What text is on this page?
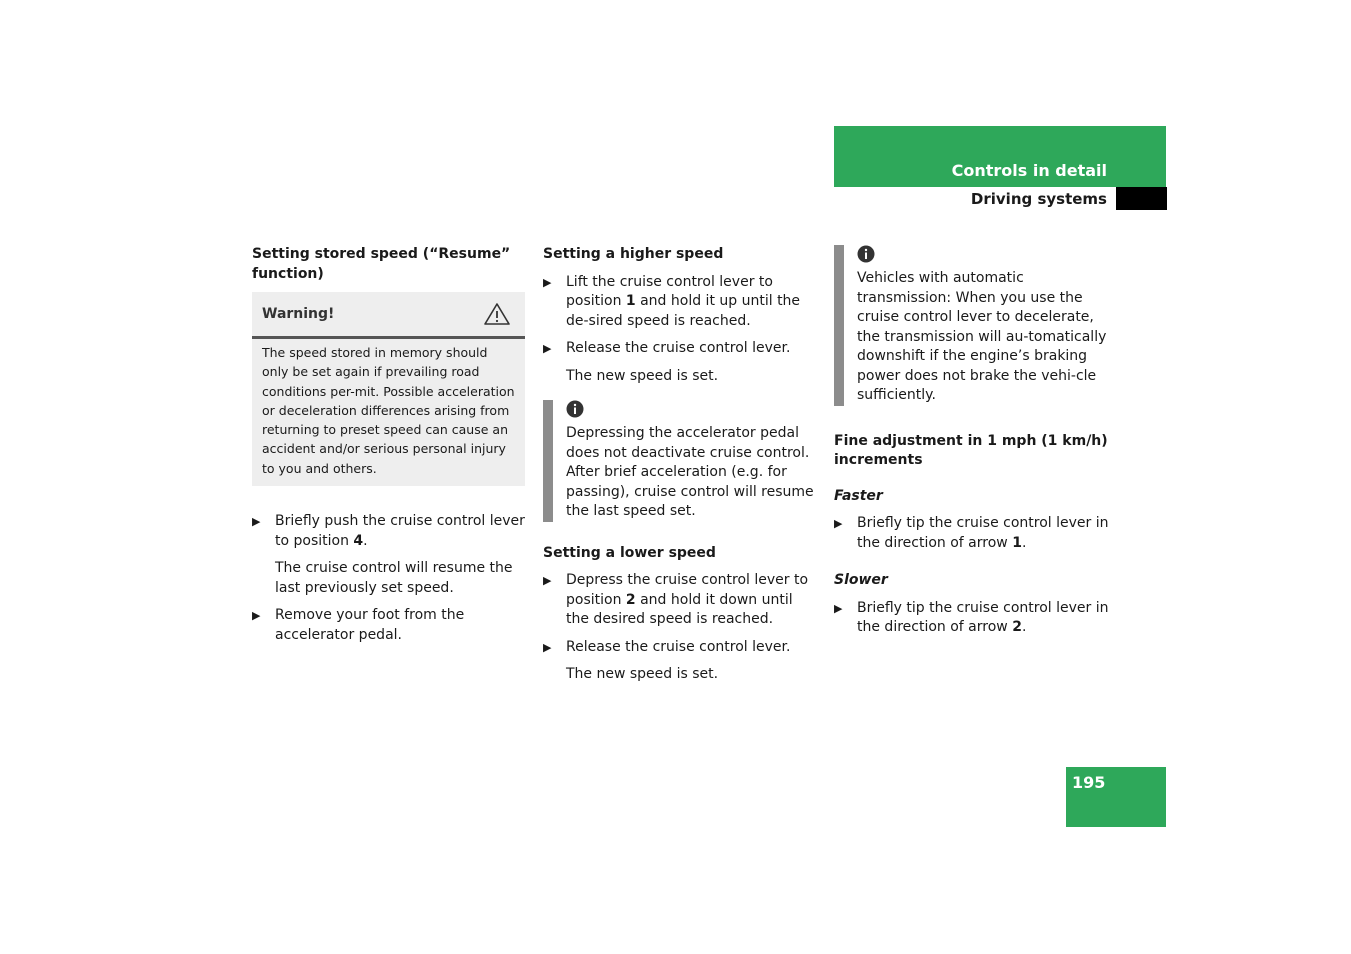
Controls in detail
Driving systems
Setting stored speed (“Resume” function)
Warning!
The speed stored in memory should only be set again if prevailing road conditions per-mit. Possible acceleration or deceleration differences arising from returning to preset speed can cause an accident and/or serious personal injury to you and others.
▶ Briefly push the cruise control lever to position 4.
The cruise control will resume the last previously set speed.
▶ Remove your foot from the accelerator pedal.
Setting a higher speed
▶ Lift the cruise control lever to position 1 and hold it up until the de-sired speed is reached.
▶ Release the cruise control lever.
The new speed is set.
Depressing the accelerator pedal does not deactivate cruise control. After brief acceleration (e.g. for passing), cruise control will resume the last speed set.
Setting a lower speed
▶ Depress the cruise control lever to position 2 and hold it down until the desired speed is reached.
▶ Release the cruise control lever.
The new speed is set.
Vehicles with automatic transmission: When you use the cruise control lever to decelerate, the transmission will au-tomatically downshift if the engine’s braking power does not brake the vehi-cle sufficiently.
Fine adjustment in 1 mph (1 km/h) increments
Faster
▶ Briefly tip the cruise control lever in the direction of arrow 1.
Slower
▶ Briefly tip the cruise control lever in the direction of arrow 2.
195
